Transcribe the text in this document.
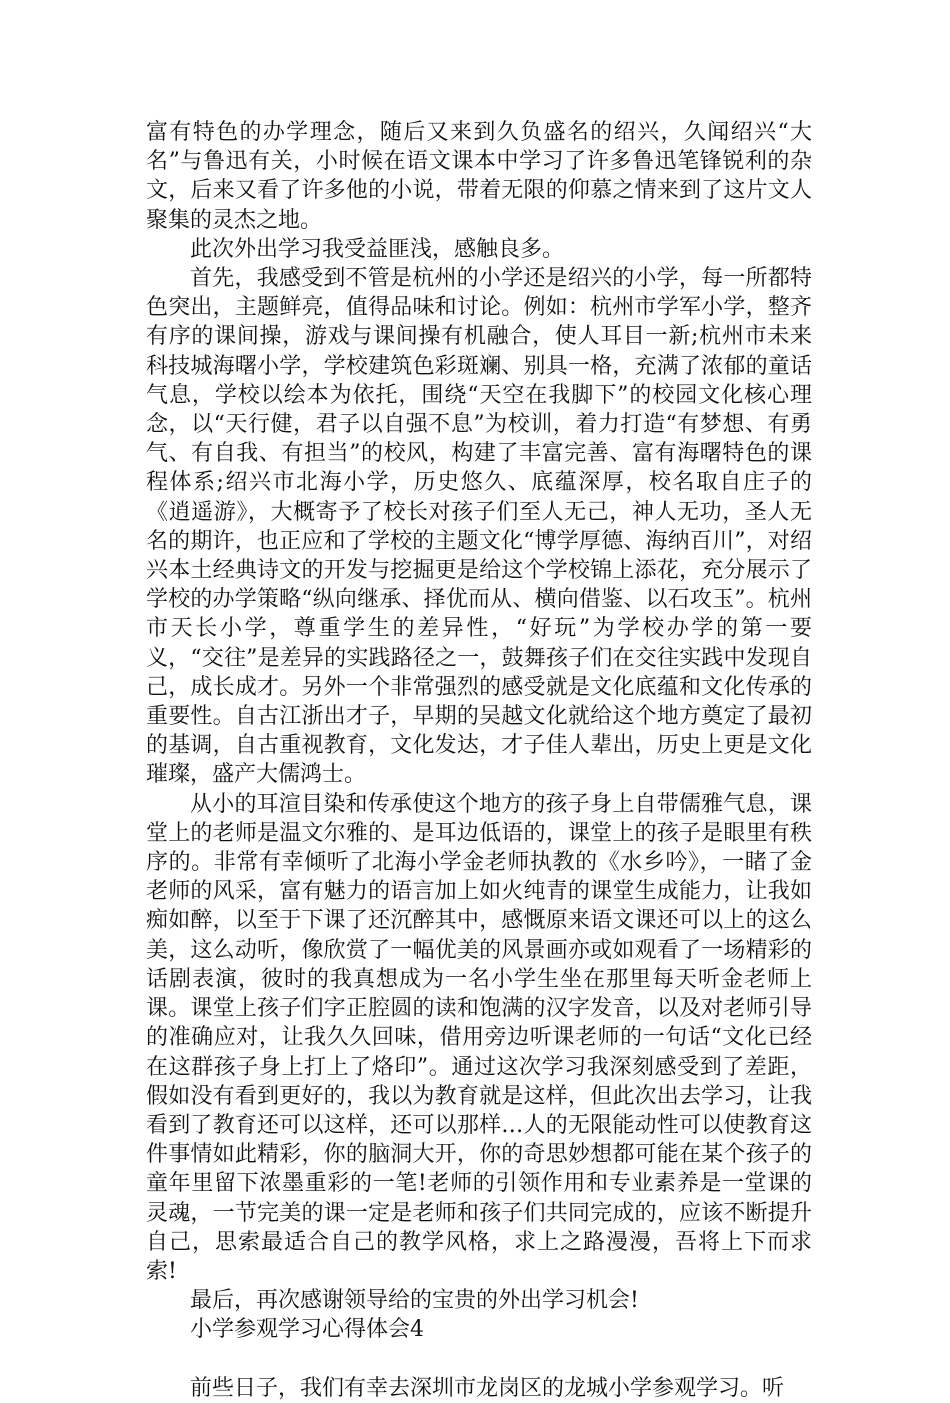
富有特色的办学理念，随后又来到久负盛名的绍兴，久闻绍兴“大名”与鲁迅有关，小时候在语文课本中学习了许多鲁迅笔锋锐利的杂文，后来又看了许多他的小说，带着无限的仰慕之情来到了这片文人聚集的灵杰之地。

此次外出学习我受益匪浅，感触良多。

首先，我感受到不管是杭州的小学还是绍兴的小学，每一所都特色突出，主题鲜亮，值得品味和讨论。例如：杭州市学军小学，整齐有序的课间操，游戏与课间操有机融合，使人耳目一新;杭州市未来科技城海曙小学，学校建筑色彩斑斓、别具一格，充满了浓郁的童话气息，学校以绘本为依托，围绕“天空在我脚下”的校园文化核心理念，以“天行健，君子以自强不息”为校训，着力打造“有梦想、有勇气、有自我、有担当”的校风，构建了丰富完善、富有海曙特色的课程体系;绍兴市北海小学，历史悠久、底蕴深厚，校名取自庄子的《逍遥游》，大概寄予了校长对孩子们至人无己，神人无功，圣人无名的期许，也正应和了学校的主题文化“博学厚德、海纳百川”，对绍兴本土经典诗文的开发与挖掘更是给这个学校锦上添花，充分展示了学校的办学策略“纵向继承、择优而从、横向借鉴、以石攻玉”。杭州市天长小学，尊重学生的差异性，“好玩”为学校办学的第一要义，“交往”是差异的实践路径之一，鼓舞孩子们在交往实践中发现自己，成长成才。另外一个非常强烈的感受就是文化底蕴和文化传承的重要性。自古江浙出才子，早期的吴越文化就给这个地方奠定了最初的基调，自古重视教育，文化发达，才子佳人辈出，历史上更是文化璀璨，盛产大儒鸿士。

从小的耳渲目染和传承使这个地方的孩子身上自带儒雅气息，课堂上的老师是温文尔雅的、是耳边低语的，课堂上的孩子是眼里有秩序的。非常有幸倾听了北海小学金老师执教的《水乡吟》，一睹了金老师的风采，富有魅力的语言加上如火纯青的课堂生成能力，让我如痴如醉，以至于下课了还沉醉其中，感慨原来语文课还可以上的这么美，这么动听，像欣赏了一幅优美的风景画亦或如观看了一场精彩的话剧表演，彼时的我真想成为一名小学生坐在那里每天听金老师上课。课堂上孩子们字正腔圆的读和饱满的汉字发音，以及对老师引导的准确应对，让我久久回味，借用旁边听课老师的一句话“文化已经在这群孩子身上打上了烙印”。通过这次学习我深刻感受到了差距，假如没有看到更好的，我以为教育就是这样，但此次出去学习，让我看到了教育还可以这样，还可以那样…人的无限能动性可以使教育这件事情如此精彩，你的脑洞大开，你的奇思妙想都可能在某个孩子的童年里留下浓墨重彩的一笔!老师的引领作用和专业素养是一堂课的灵魂，一节完美的课一定是老师和孩子们共同完成的，应该不断提升自己，思索最适合自己的教学风格，求上之路漫漫，吾将上下而求索!

最后，再次感谢领导给的宝贵的外出学习机会!

小学参观学习心得体会4

前些日子，我们有幸去深圳市龙岗区的龙城小学参观学习。听
